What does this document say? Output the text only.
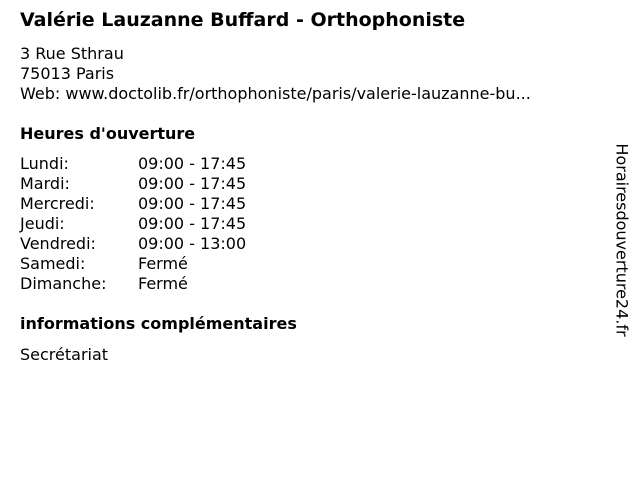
Valérie Lauzanne Buffard - Orthophoniste
3 Rue Sthrau
75013 Paris
Web: www.doctolib.fr/orthophoniste/paris/valerie-lauzanne-bu...
Heures d'ouverture
Lundi:	09:00 - 17:45
Mardi:	09:00 - 17:45
Mercredi:	09:00 - 17:45
Jeudi:	09:00 - 17:45
Vendredi:	09:00 - 13:00
Samedi:	Fermé
Dimanche: Fermé
informations complémentaires
Secrétariat
Horairesdouverture24.fr
